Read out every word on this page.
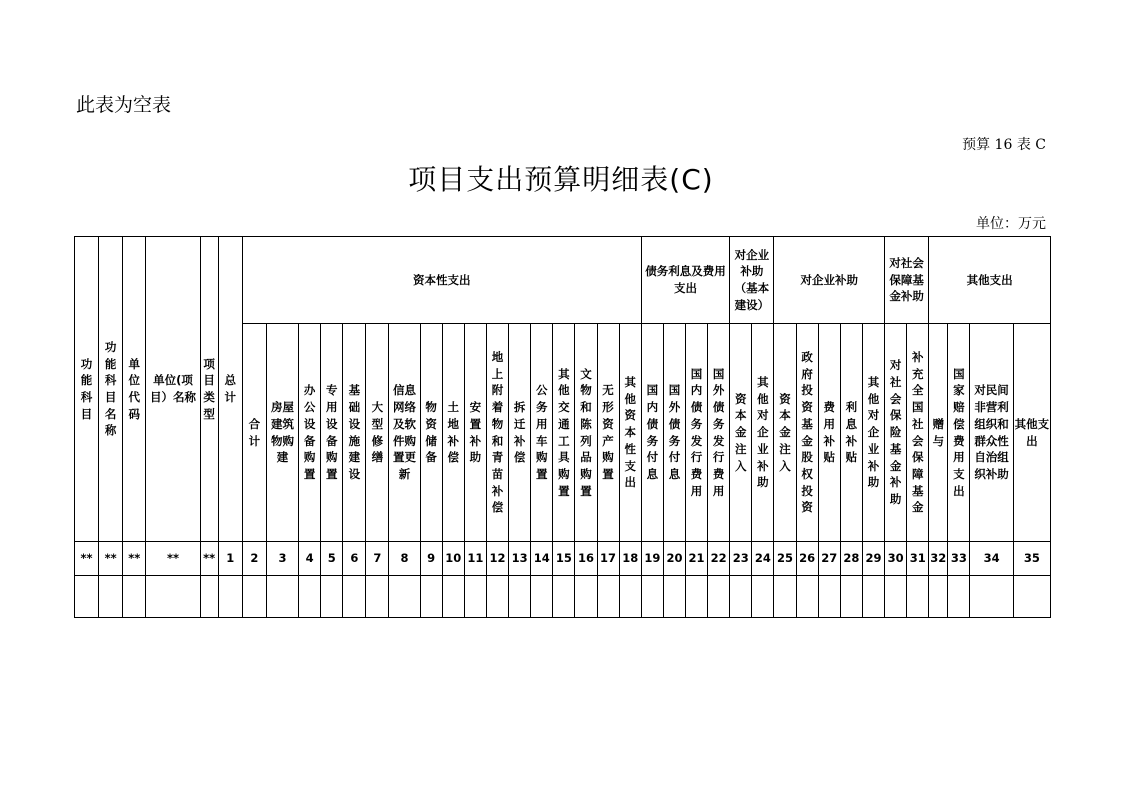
此表为空表
预算 16 表 C
项目支出预算明细表(C)
单位：万元
功能科目	功能科目名称	单位代码	单位(项目）名称	项目类型	总计	资本性支出																	债务利息及费用支出				对企业补助（基本建设）		对企业补助					对社会保障基金补助		其他支出			
						合计	房屋建筑物购建	办公设备购置	专用设备购置	基础设施建设	大型修缮	信息网络及软件购置更新	物资储备	土地补偿	安置补助	地上附着物和青苗补偿	拆迁补偿	公务用车购置	其他交通工具购置	文物和陈列品购置	无形资产购置	其他资本性支出	国内债务付息	国外债务付息	国内债务发行费用	国外债务发行费用	资本金注入	其他对企业补助	资本金注入	政府投资基金股权投资	费用补贴	利息补贴	其他对企业补助	对社会保险基金补助	补充全国社会保障基金	赠与	国家赔偿费用支出	对民间非营利组织和群众性自治组织补助	其他支出
**	**	**	**	**	1	2	3	4	5	6	7	8	9	10	11	12	13	14	15	16	17	18	19	20	21	22	23	24	25	26	27	28	29	30	31	32	33	34	35
